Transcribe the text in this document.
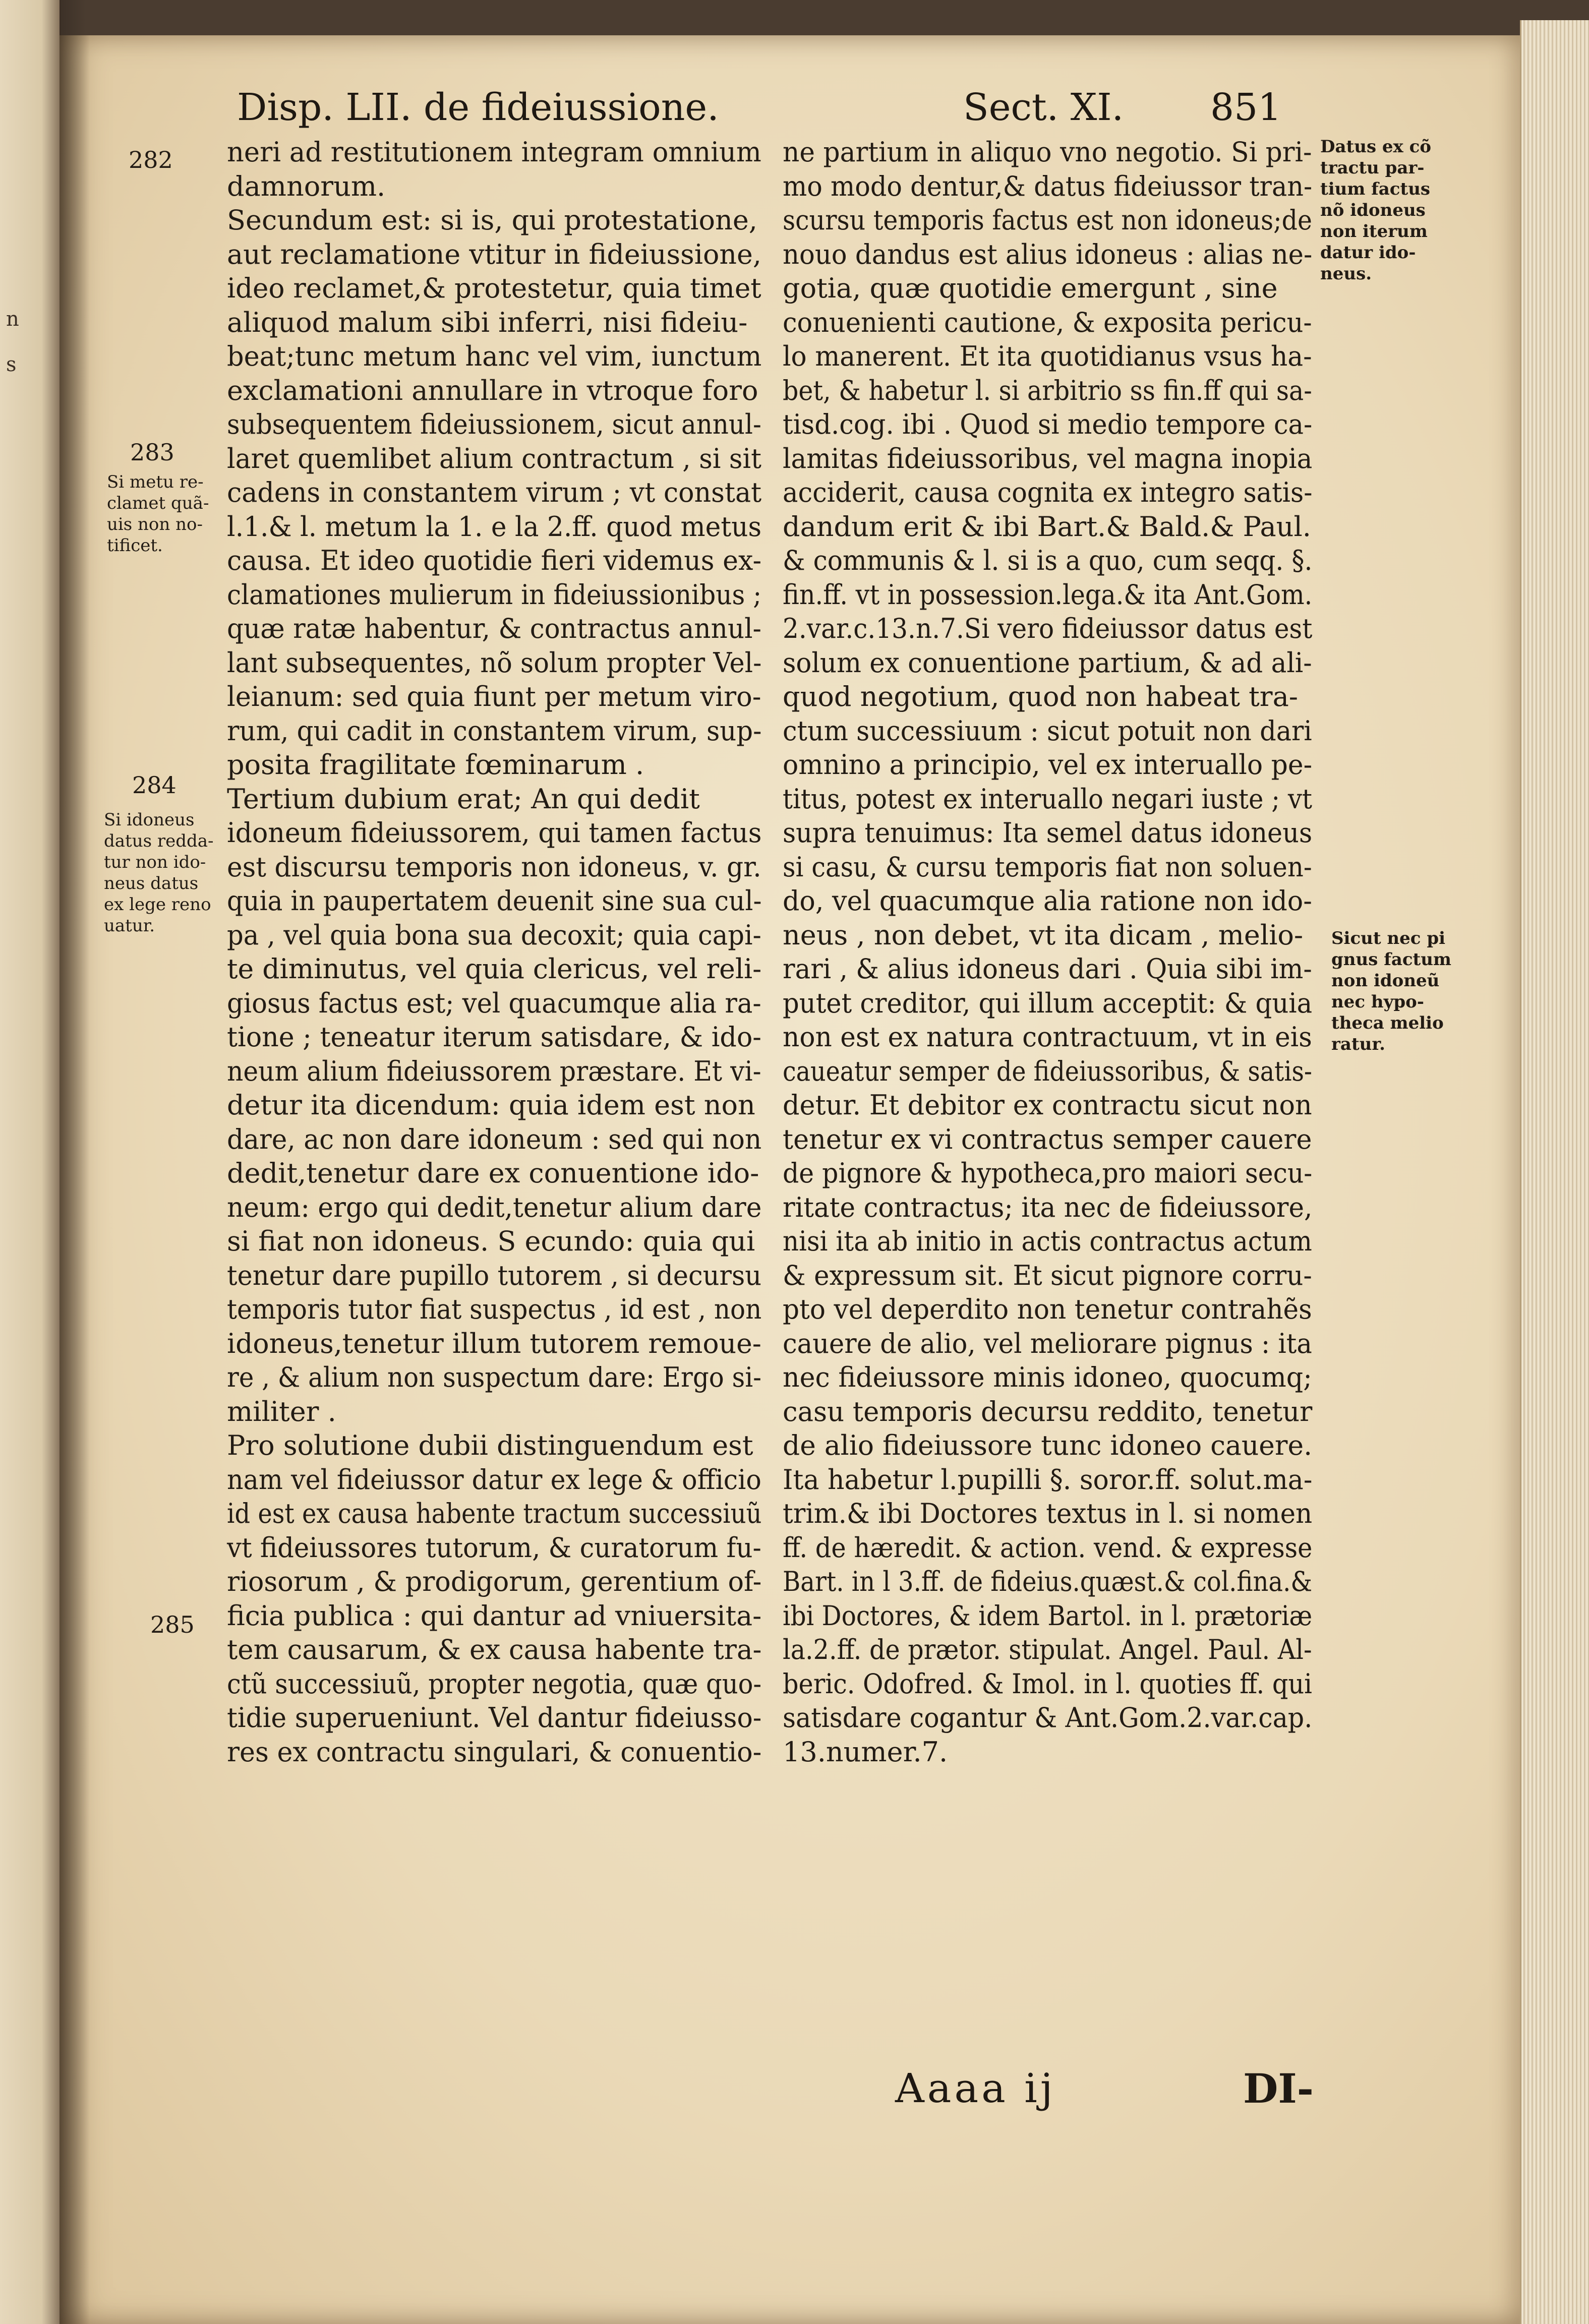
n
s
Disp. LII. de fideiussione.	Sect. XI. 851
282
283
284
285
Si metu re-
clamet quã-
uis non no-
tificet.
Si idoneus
datus redda-
tur non ido-
neus datus
ex lege reno
uatur.
Datus ex cõ
tractu par-
tium factus
nõ idoneus
non iterum
datur ido-
neus.
Sicut nec pi
gnus factum
non idoneũ
nec hypo-
theca melio
ratur.
neri ad restitutionem integram omnium
damnorum.
Secundum est: si is, qui protestatione,
aut reclamatione vtitur in fideiussione,
ideo reclamet,& protestetur, quia timet
aliquod malum sibi inferri, nisi fideiu-
beat;tunc metum hanc vel vim, iunctum
exclamationi annullare in vtroque foro
subsequentem fideiussionem, sicut annul-
laret quemlibet alium contractum , si sit
cadens in constantem virum ; vt constat
l.1.& l. metum la 1. e la 2.ff. quod metus
causa. Et ideo quotidie fieri videmus ex-
clamationes mulierum in fideiussionibus ;
quæ ratæ habentur, & contractus annul-
lant subsequentes, nõ solum propter Vel-
leianum: sed quia fiunt per metum viro-
rum, qui cadit in constantem virum, sup-
posita fragilitate fœminarum .
Tertium dubium erat; An qui dedit
idoneum fideiussorem, qui tamen factus
est discursu temporis non idoneus, v. gr.
quia in paupertatem deuenit sine sua cul-
pa , vel quia bona sua decoxit; quia capi-
te diminutus, vel quia clericus, vel reli-
giosus factus est; vel quacumque alia ra-
tione ; teneatur iterum satisdare, & ido-
neum alium fideiussorem præstare. Et vi-
detur ita dicendum: quia idem est non
dare, ac non dare idoneum : sed qui non
dedit,tenetur dare ex conuentione ido-
neum: ergo qui dedit,tenetur alium dare
si fiat non idoneus. S ecundo: quia qui
tenetur dare pupillo tutorem , si decursu
temporis tutor fiat suspectus , id est , non
idoneus,tenetur illum tutorem remoue-
re , & alium non suspectum dare: Ergo si-
militer .
Pro solutione dubii distinguendum est
nam vel fideiussor datur ex lege & officio
id est ex causa habente tractum successiuũ
vt fideiussores tutorum, & curatorum fu-
riosorum , & prodigorum, gerentium of-
ficia publica : qui dantur ad vniuersita-
tem causarum, & ex causa habente tra-
ctũ successiuũ, propter negotia, quæ quo-
tidie superueniunt. Vel dantur fideiusso-
res ex contractu singulari, & conuentio-
ne partium in aliquo vno negotio. Si pri-
mo modo dentur,& datus fideiussor tran-
scursu temporis factus est non idoneus;de
nouo dandus est alius idoneus : alias ne-
gotia, quæ quotidie emergunt , sine
conuenienti cautione, & exposita pericu-
lo manerent. Et ita quotidianus vsus ha-
bet, & habetur l. si arbitrio ss fin.ff qui sa-
tisd.cog. ibi . Quod si medio tempore ca-
lamitas fideiussoribus, vel magna inopia
acciderit, causa cognita ex integro satis-
dandum erit & ibi Bart.& Bald.& Paul.
& communis & l. si is a quo, cum seqq. §.
fin.ff. vt in possession.lega.& ita Ant.Gom.
2.var.c.13.n.7.Si vero fideiussor datus est
solum ex conuentione partium, & ad ali-
quod negotium, quod non habeat tra-
ctum successiuum : sicut potuit non dari
omnino a principio, vel ex interuallo pe-
titus, potest ex interuallo negari iuste ; vt
supra tenuimus: Ita semel datus idoneus
si casu, & cursu temporis fiat non soluen-
do, vel quacumque alia ratione non ido-
neus , non debet, vt ita dicam , melio-
rari , & alius idoneus dari . Quia sibi im-
putet creditor, qui illum acceptit: & quia
non est ex natura contractuum, vt in eis
caueatur semper de fideiussoribus, & satis-
detur. Et debitor ex contractu sicut non
tenetur ex vi contractus semper cauere
de pignore & hypotheca,pro maiori secu-
ritate contractus; ita nec de fideiussore,
nisi ita ab initio in actis contractus actum
& expressum sit. Et sicut pignore corru-
pto vel deperdito non tenetur contrahẽs
cauere de alio, vel meliorare pignus : ita
nec fideiussore minis idoneo, quocumq;
casu temporis decursu reddito, tenetur
de alio fideiussore tunc idoneo cauere.
Ita habetur l.pupilli §. soror.ff. solut.ma-
trim.& ibi Doctores textus in l. si nomen
ff. de hæredit. & action. vend. & expresse
Bart. in l 3.ff. de fideius.quæst.& col.fina.&
ibi Doctores, & idem Bartol. in l. prætoriæ
la.2.ff. de prætor. stipulat. Angel. Paul. Al-
beric. Odofred. & Imol. in l. quoties ff. qui
satisdare cogantur & Ant.Gom.2.var.cap.
13.numer.7.
Aaaa ij	DI-
